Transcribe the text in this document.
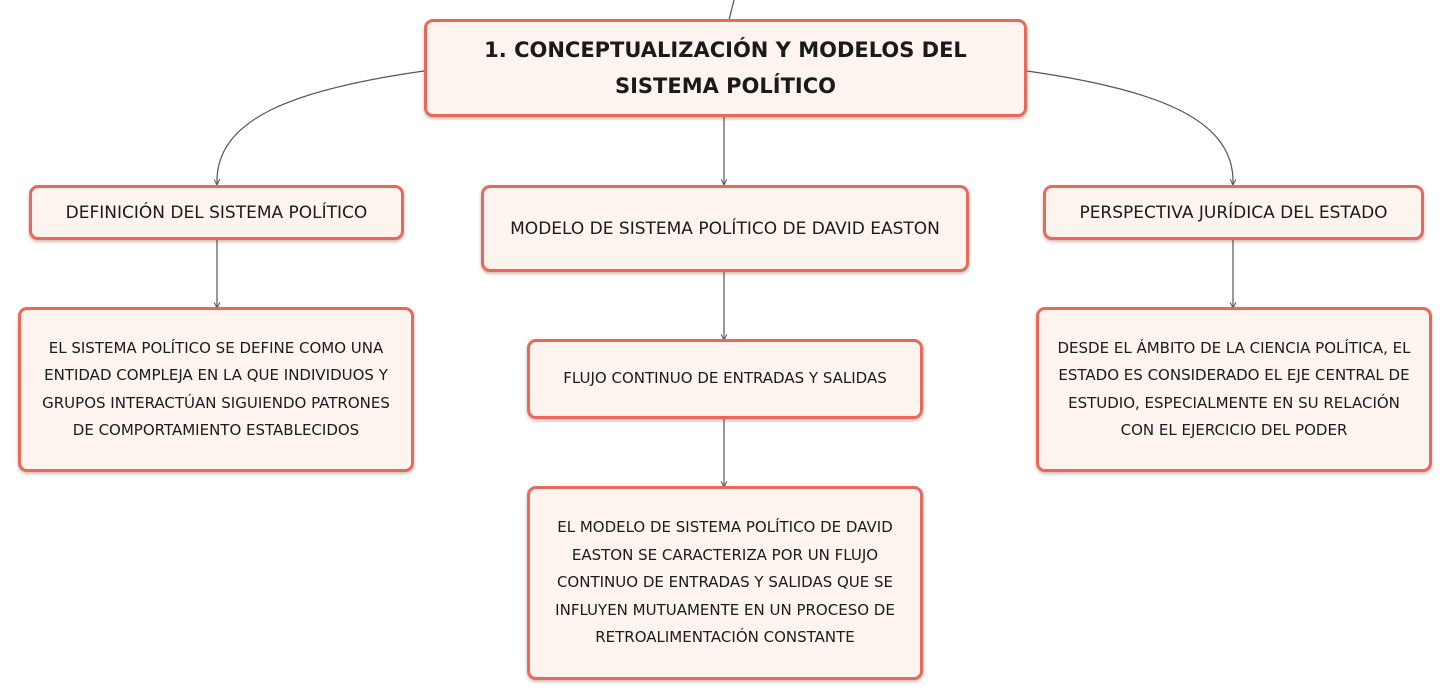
1. CONCEPTUALIZACIÓN Y MODELOS DEL SISTEMA POLÍTICO
DEFINICIÓN DEL SISTEMA POLÍTICO
MODELO DE SISTEMA POLÍTICO DE DAVID EASTON
PERSPECTIVA JURÍDICA DEL ESTADO
EL SISTEMA POLÍTICO SE DEFINE COMO UNA ENTIDAD COMPLEJA EN LA QUE INDIVIDUOS Y GRUPOS INTERACTÚAN SIGUIENDO PATRONES DE COMPORTAMIENTO ESTABLECIDOS
FLUJO CONTINUO DE ENTRADAS Y SALIDAS
EL MODELO DE SISTEMA POLÍTICO DE DAVID EASTON SE CARACTERIZA POR UN FLUJO CONTINUO DE ENTRADAS Y SALIDAS QUE SE INFLUYEN MUTUAMENTE EN UN PROCESO DE RETROALIMENTACIÓN CONSTANTE
DESDE EL ÁMBITO DE LA CIENCIA POLÍTICA, EL ESTADO ES CONSIDERADO EL EJE CENTRAL DE ESTUDIO, ESPECIALMENTE EN SU RELACIÓN CON EL EJERCICIO DEL PODER
